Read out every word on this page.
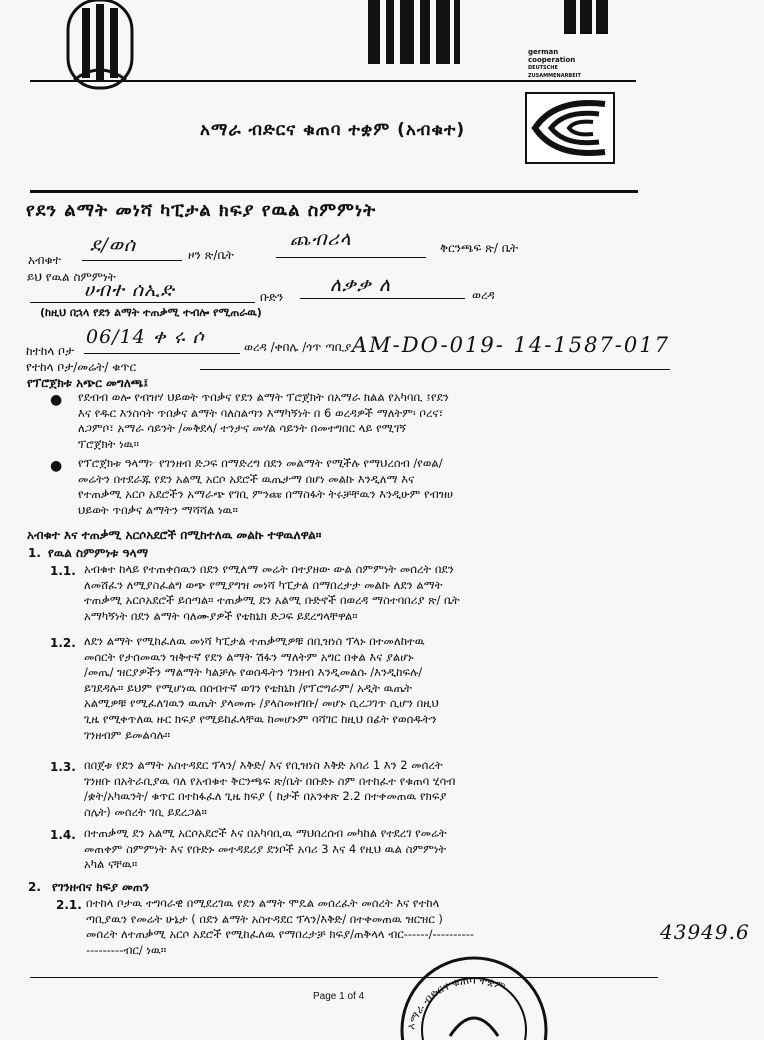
german
cooperation
DEUTSCHE ZUSAMMENARBEIT
አማራ ብድርና ቁጠባ ተቋም (አብቁተ)
የደን ልማት መነሻ ካፒታል ክፍያ የዉል ስምምነት
አብቁተ
ደ/ወሰ	ዞን ጽ/ቤት
ጨብሪላ	ቅርንጫፍ ጽ/ ቤት
ይህ የዉል ስምምነት
ሀብተ ሰኢድ	ቡድን
ለቃቃ ለ	ወረዳ
(ከዚህ በኋላ የደን ልማት ተጠቃሚ ተብሎ የሚጠራዉ)
ከተከላ ቦታ
06/14 ቀ ሩ ሶ	ወረዳ /ቀበሌ /ጎጥ ጣቢያ
የተከላ ቦታ/መሬት/ ቁጥር
AM-DO-019- 14-1587-017
የፕሮጀክቱ አጭር መግለጫ፤
● የደብብ ወሎ የብዝሃ ህይወት ጥበቃና የደን ልማት ፕሮጀክት በአማራ ክልል የአካባቢ ፤የደን
እና የዱር እንስሳት ጥበቃና ልማት ባለስልጣን እማካኝነት በ 6 ወረዳዎች ማለትም፡ ቦረና፣
ለጋምቦ፣ አማራ ሳይንት /መቅደላ/ ተንታና መሃል ሳይንት በመተግበር ላይ የሚገኝ
ፕሮጀክት ነዉ።
● የፕሮጀክቱ ዓላማ፦ የገንዘብ ድጋፍ በማድረግ በደን መልማት የሚችሉ የማህረሰብ /የወል/
መሬትን በተደራጁ የደን አልሚ አርሶ አደሮች ዉጤታማ በሆነ መልኩ እንዲለማ እና
የተጠቃሚ አርሶ አደሮችን አማራጭ የገቢ ምንጩ በማስፋት ትሩቻቸዉን እንዲሁም የብዝሀ
ህይወት ጥበቃና ልማትን ማሻሻል ነዉ።
አብቁተ እና ተጠቃሚ አርሶአደሮች በሚከተለዉ መልኩ ተዋዉለዋል።
1. የዉል ስምምነቱ ዓላማ
1.1. አብቁተ ከላይ የተጠቀሰዉን በደን የሚለማ መሬት በተያዘው ውል ስምምነት መሰረት በደን
ለመሸፈን ለሚያስፈልግ ወጭ የሚያግዝ መነሻ ካፒታል በማበረታታ መልኩ ለደን ልማት
ተጠቃሚ አርሶአደሮች ይሰጣል። ተጠቃሚ ደን አልሚ ቡድኖች በወረዳ ማስተባበሪያ ጽ/ ቤት
አማካኝነት በደን ልማት ባለሙያዎች የቴክኒክ ድጋፍ ይደረግላቸዋል።
1.2. ለደን ልማት የሚከፈለዉ መነሻ ካፒታል ተጠቃሚዎቹ በቢዝነስ ፕላኑ በተመለከተዉ
መሰርት የታሰመዉን ዝቅተኛ የደን ልማት ሽፋን ማለትም አግር በቀል እና ያልሆኑ
/መጤ/ ዝርያዎችን ማልማት ካልቻሉ የወሰዱትን ገንዘብ እንዲመልሱ /እንዲከፍሉ/
ይገደዳሉ። ይህም የሚሆነዉ በሰብተኛ ወገን የቴክኒክ /የፕሮግራም/ አዲት ዉጤት
አልሚዎቹ የሚፈለገዉን ዉጤት ያላመጡ /ያላስመዘገቡ/ መሆኑ ሲረጋገጥ ሲሆን በዚህ
ጊዜ የሚቀጥለዉ ዙር ክፍያ የሚይከፈላቸዉ ከመሆኑም ባሻገር ከዚህ በፊት የወሰዱትን
ገንዘብም ይመልሳሉ።
1.3. በበጀቱ የደን ልማት አስተዳደር ፕላን/ እቅድ/ እና የቢዝነስ እቅድ አባሪ 1 እን 2 መሰረት
ገንዘቡ በአትራቢያዉ ባለ የአብቁተ ቅርንጫፍ ጽ/ቤት በቡድኑ ስም በተከፈተ የቁጠባ ሂሳብ
/ቋት/አካዉንት/ ቁጥር በተከፋፈለ ጊዜ ክፍያ ( ከታች በአንቀጽ 2.2 በተቀመጠዉ የክፍያ
ስሌት) መሰረት ገቢ ይደረጋል።
1.4. በተጠቃሚ ደን አልሚ አርሶአደሮች እና በአካባቢዉ ማህበረሰብ መካከል የተደረገ የመሬት
መጠቀም ስምምነት እና የቡድኑ መተዳደሪያ ደንቦች አባሪ 3 እና 4 የዚህ ዉል ስምምነት
አካል ናቸዉ።
2. የገንዘብና ክፍያ መጠን
2.1. በተከላ ቦታዉ ተግባራዊ በሚደረገዉ የደን ልማት ሞዴል መሰረፈት መሰረት እና የተከላ
ጣቢያዉን የመሬት ሁኔታ ( በደን ልማት አስተዳደር ፕላን/እቅድ/ በተቀመጠዉ ዝርዝር )
መሰረት ለተጠቃሚ አርሶ አደሮች የሚከፈለዉ የማበረታቻ ክፍያ/ጠቅላላ ብር------/----------
---------ብር/ ነዉ።
43949.6
Page 1 of 4
ኦማራ ብድርና ቁጠባ ተቋም
